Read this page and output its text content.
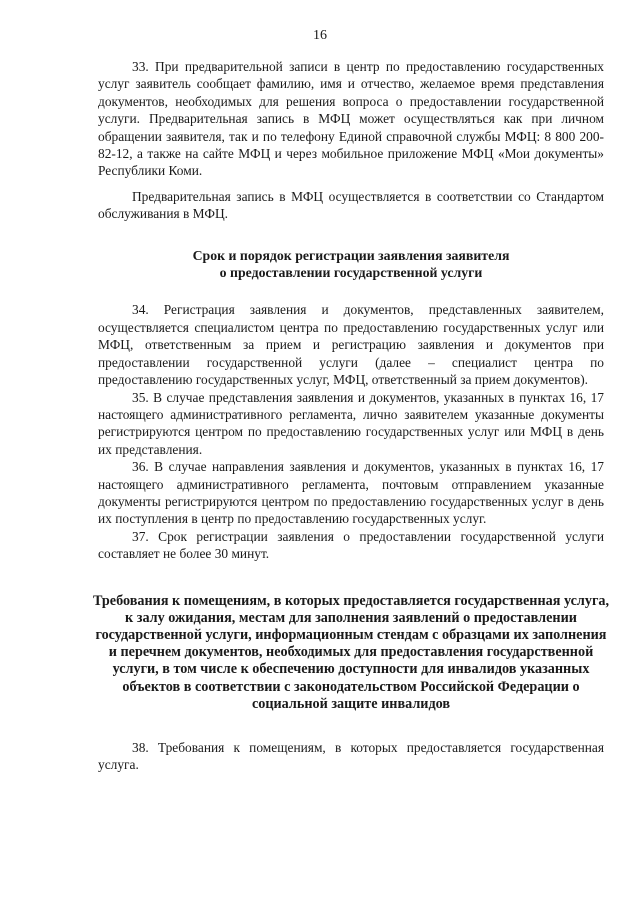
16

33. При предварительной записи в центр по предоставлению государственных услуг заявитель сообщает фамилию, имя и отчество, желаемое время представления документов, необходимых для решения вопроса о предоставлении государственной услуги. Предварительная запись в МФЦ может осуществляться как при личном обращении заявителя, так и по телефону Единой справочной службы МФЦ: 8 800 200-82-12, а также на сайте МФЦ и через мобильное приложение МФЦ «Мои документы» Республики Коми.

Предварительная запись в МФЦ осуществляется в соответствии со Стандартом обслуживания в МФЦ.

Срок и порядок регистрации заявления заявителя

о предоставлении государственной услуги

34. Регистрация заявления и документов, представленных заявителем, осуществляется специалистом центра по предоставлению государственных услуг или МФЦ, ответственным за прием и регистрацию заявления и документов при предоставлении государственной услуги (далее – специалист центра по предоставлению государственных услуг, МФЦ, ответственный за прием документов).

35. В случае представления заявления и документов, указанных в пунктах 16, 17 настоящего административного регламента, лично заявителем указанные документы регистрируются центром по предоставлению государственных услуг или МФЦ в день их представления.

36. В случае направления заявления и документов, указанных в пунктах 16, 17 настоящего административного регламента, почтовым отправлением указанные документы регистрируются центром по предоставлению государственных услуг в день их поступления в центр по предоставлению государственных услуг.

37. Срок регистрации заявления о предоставлении государственной услуги составляет не более 30 минут.

Требования к помещениям, в которых предоставляется государственная услуга, к залу ожидания, местам для заполнения заявлений о предоставлении государственной услуги, информационным стендам с образцами их заполнения и перечнем документов, необходимых для предоставления государственной услуги, в том числе к обеспечению доступности для инвалидов указанных объектов в соответствии с законодательством Российской Федерации о социальной защите инвалидов

38. Требования к помещениям, в которых предоставляется государственная услуга.
